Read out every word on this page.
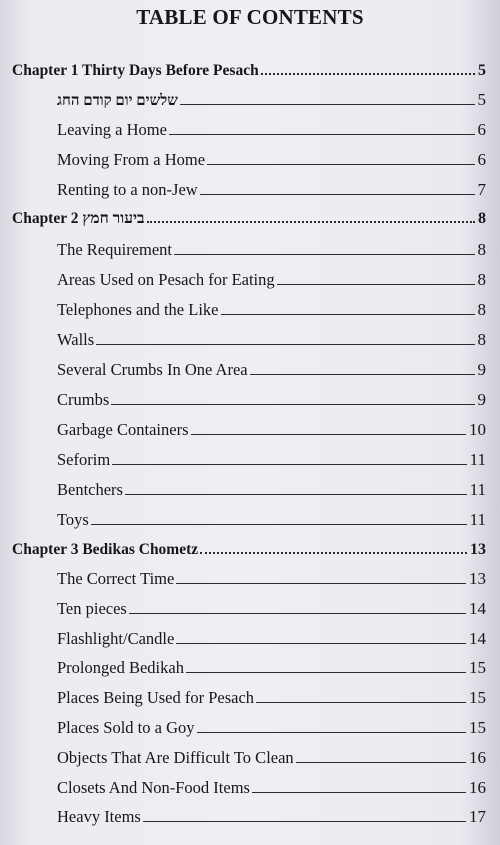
TABLE OF CONTENTS
Chapter 1 Thirty Days Before Pesach	5
שלשים יום קודם החג	5
Leaving a Home	6
Moving From a Home	6
Renting to a non-Jew	7
Chapter 2 ביעור חמץ	8
The Requirement	8
Areas Used on Pesach for Eating	8
Telephones and the Like	8
Walls	8
Several Crumbs In One Area	9
Crumbs	9
Garbage Containers	10
Seforim	11
Bentchers	11
Toys	11
Chapter 3 Bedikas Chometz	13
The Correct Time	13
Ten pieces	14
Flashlight/Candle	14
Prolonged Bedikah	15
Places Being Used for Pesach	15
Places Sold to a Goy	15
Objects That Are Difficult To Clean	16
Closets And Non-Food Items	16
Heavy Items	17
